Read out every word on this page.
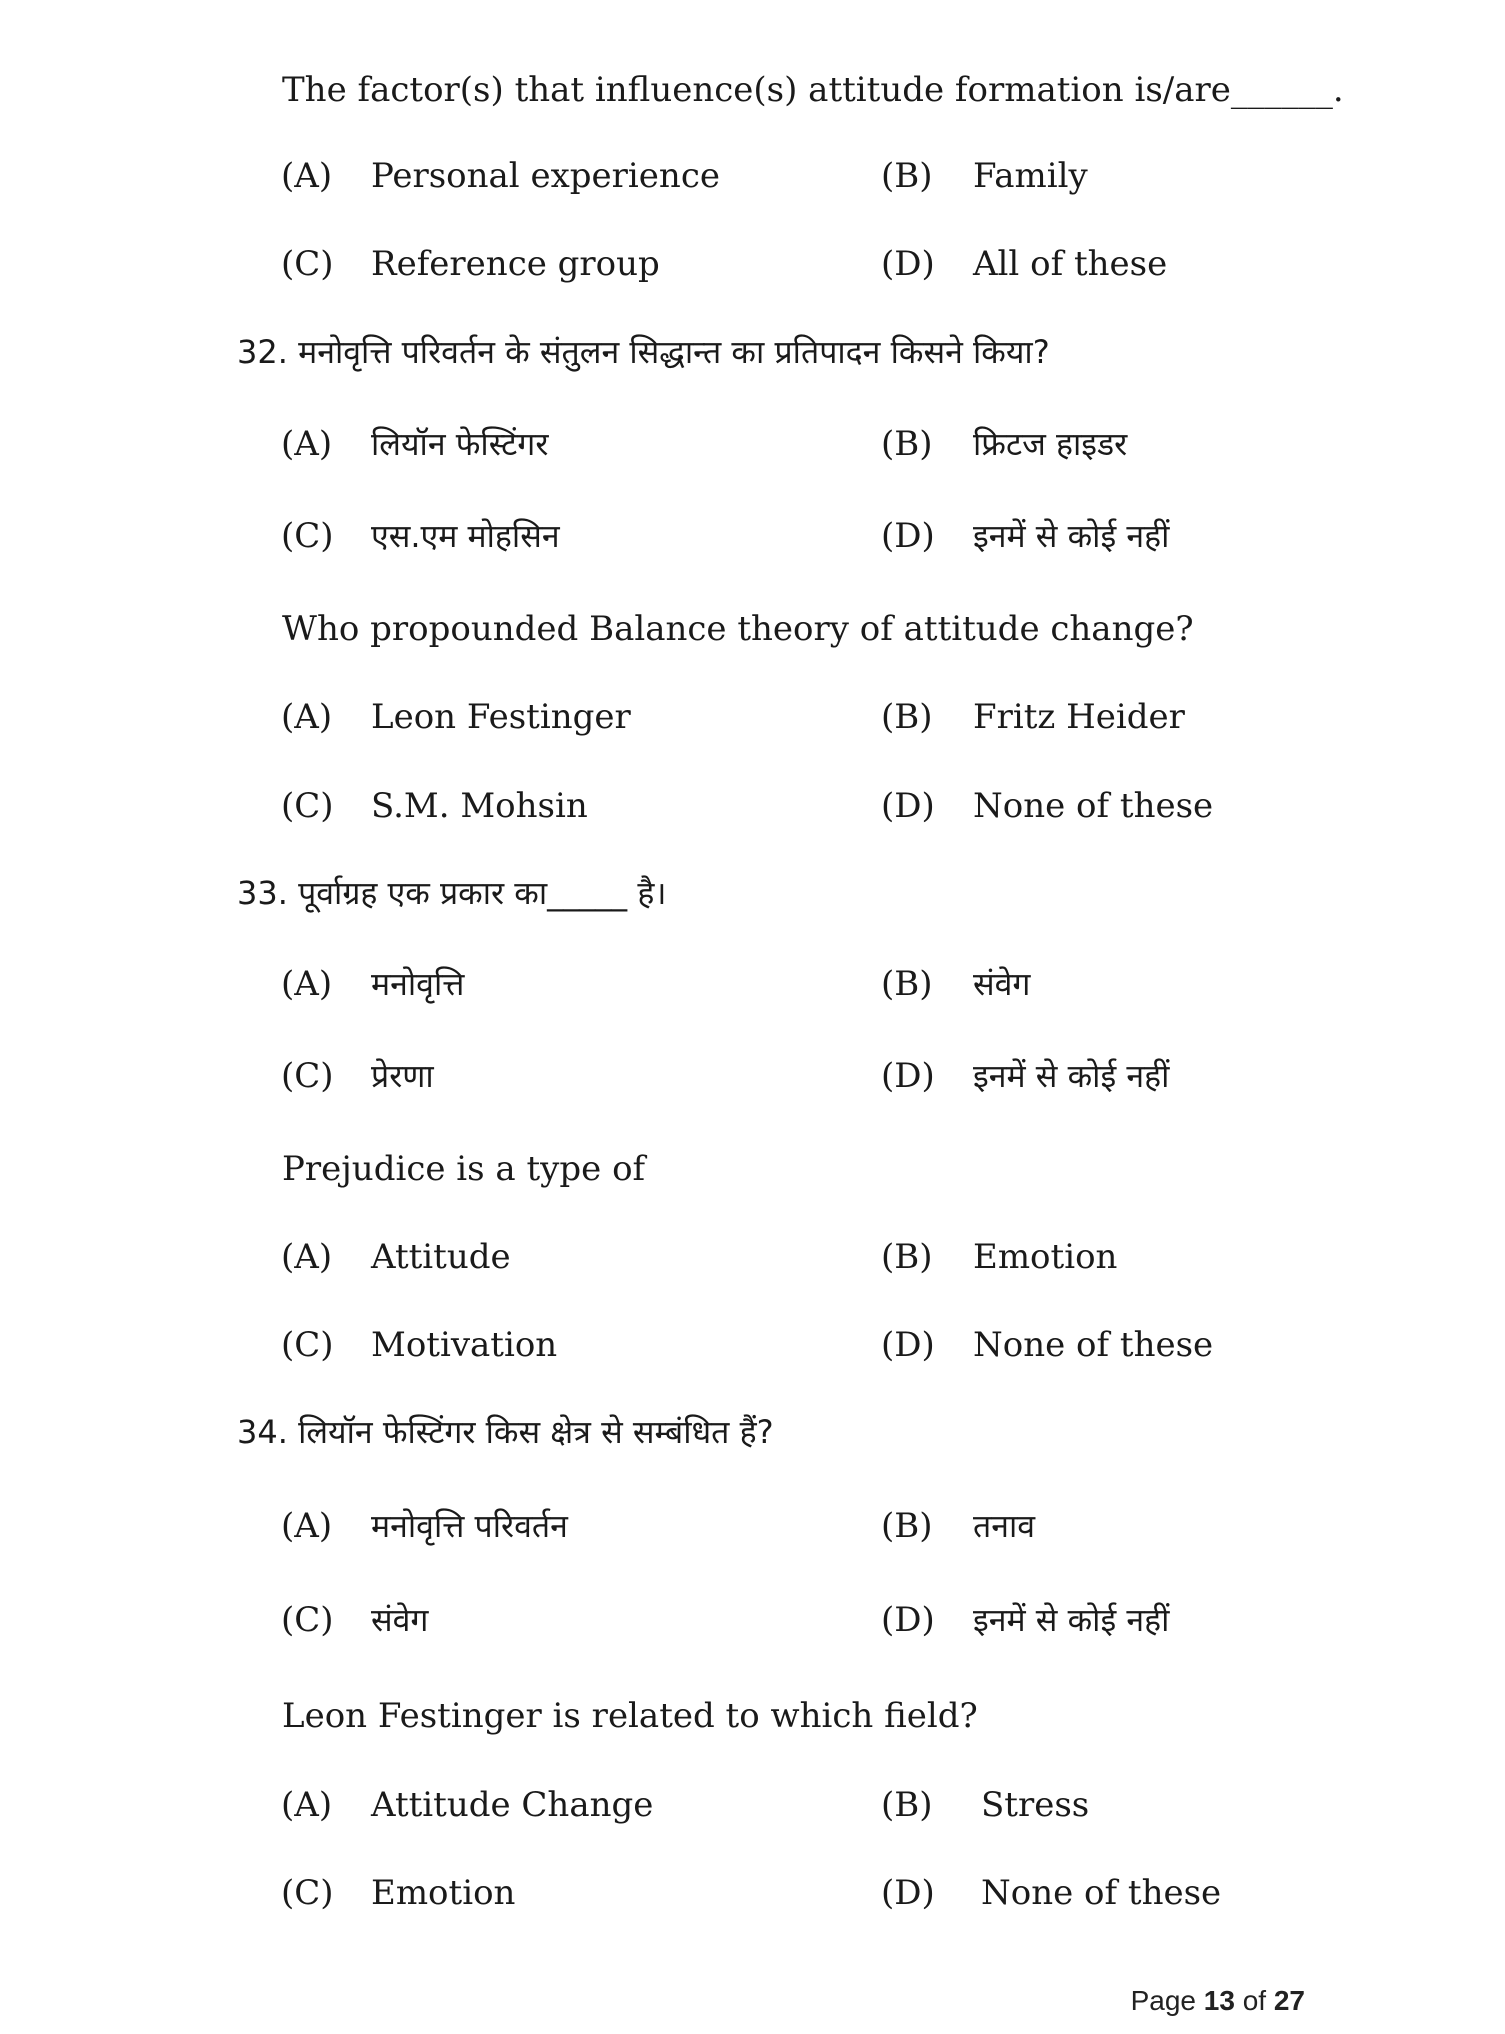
The factor(s) that influence(s) attitude formation is/are______.
(A) Personal experience	(B) Family
(C) Reference group	(D) All of these
32. मनोवृत्ति परिवर्तन के संतुलन सिद्धान्त का प्रतिपादन किसने किया?
(A) लियॉन फेस्टिंगर	(B) फ्रिटज हाइडर
(C) एस.एम मोहसिन	(D) इनमें से कोई नहीं
Who propounded Balance theory of attitude change?
(A) Leon Festinger	(B) Fritz Heider
(C) S.M. Mohsin	(D) None of these
33. पूर्वाग्रह एक प्रकार का_____ है।
(A) मनोवृत्ति	(B) संवेग
(C) प्रेरणा	(D) इनमें से कोई नहीं
Prejudice is a type of
(A) Attitude	(B) Emotion
(C) Motivation	(D) None of these
34. लियॉन फेस्टिंगर किस क्षेत्र से सम्बंधित हैं?
(A) मनोवृत्ति परिवर्तन	(B) तनाव
(C) संवेग	(D) इनमें से कोई नहीं
Leon Festinger is related to which field?
(A) Attitude Change	(B) Stress
(C) Emotion	(D) None of these
Page 13 of 27
